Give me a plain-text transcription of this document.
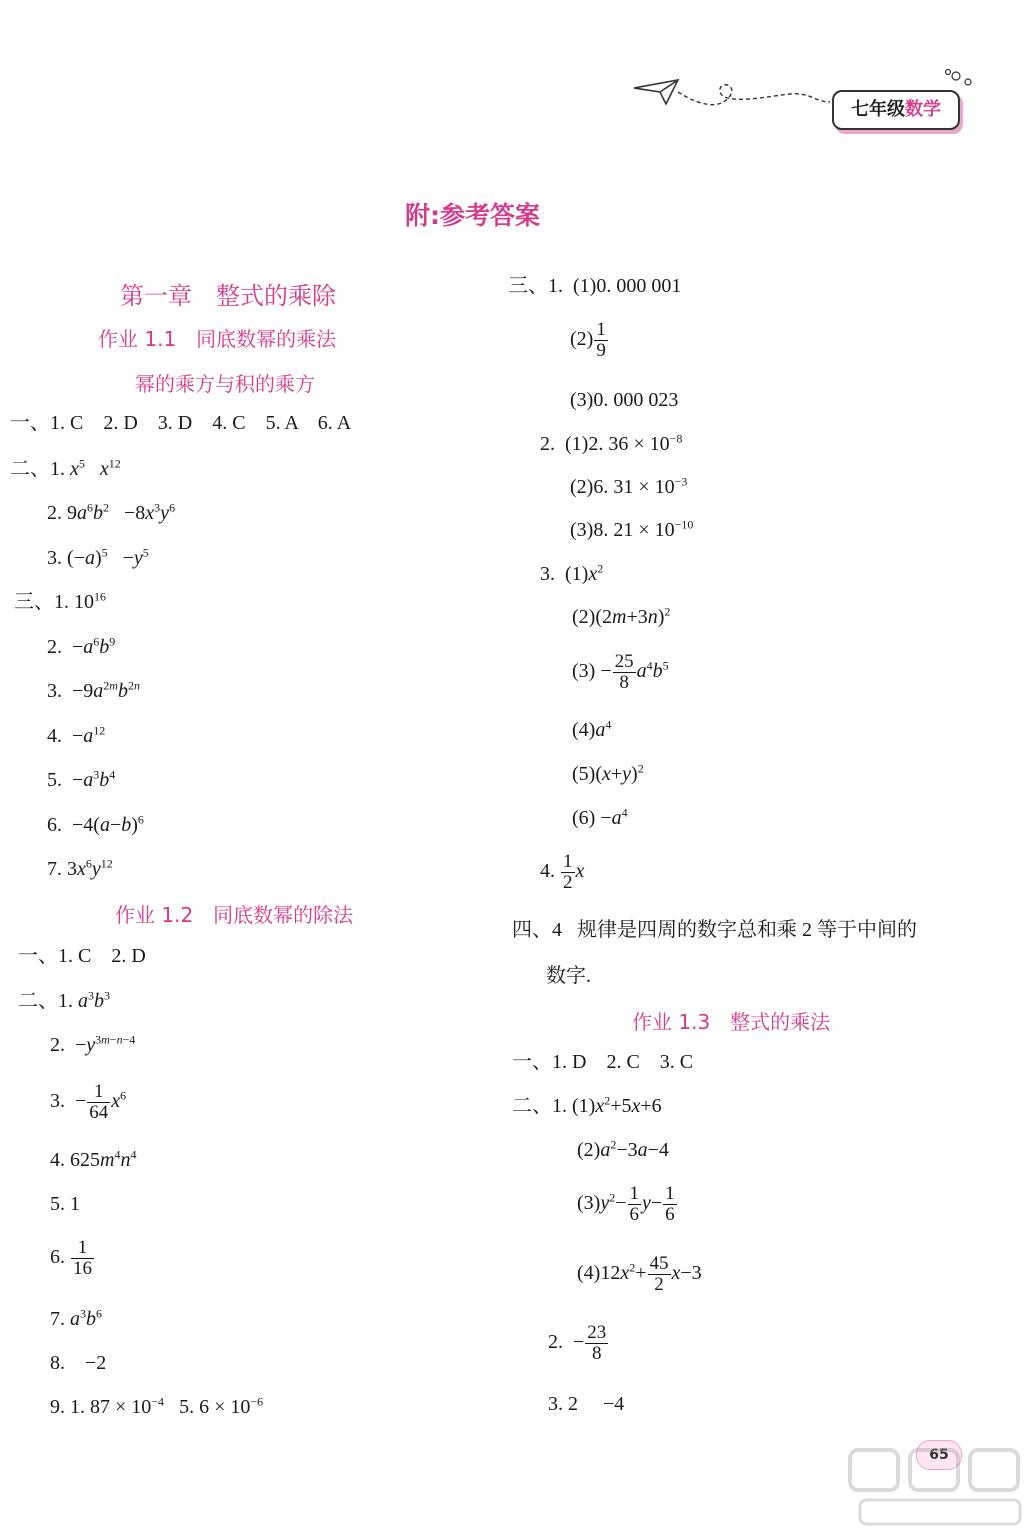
七年级数学
附:参考答案
第一章　整式的乘除
作业 1.1　同底数幂的乘法
幂的乘方与积的乘方
一、1. C　2. D　3. D　4. C　5. A　6. A
二、1. $x^5$ $x^{12}$
2. $9a^6b^2 -8x^3y^6$
3. $(-a)^5 -y^5$
三、1. $10^{16}$
2.  $-a^6b^9$
3.  $-9a^{2m}b^{2n}$
4.  $-a^{12}$
5.  $-a^3b^4$
6.  $-4(a-b)^6$
7. $3x^6y^{12}$
作业 1.2　同底数幂的除法
一、1. C　2. D
二、1. $a^3b^3$
2.  $-y^{3m-n-4}$
3.  − $\frac{1}{64} x^6$
4. $625m^4n^4$
5. 1
6. $\frac{1}{16}$
7. $a^3b^6$
8.　−2
9. 1. $87 \times 10^{-4}$   5. $6 \times 10^{-6}$
三、1. (1)0. 000 001
$(2) \frac{1}{9}$
(3)0. 000 023
2. (1)2. $36 \times 10^{-8}$
(2)6. $31 \times 10^{-3}$
(3)8. $21 \times 10^{-10}$
3.  $(1)x^2$
$(2)(2m+3n)^2$
$(3) - \frac{25}{8} a^4b^5$
$(4)a^4$
$(5)(x+y)^2$
$(6) -a^4$
4. $\frac{1}{2}$ x
四、4 规律是四周的数字总和乘 2 等于中间的
数字.
作业 1.3　整式的乘法
一、1. D　2. C　3. C
二、1. $(1)x^2+5x+6$
$(2)a^2-3a-4$
$(3)y^2- \frac{1}{6} y- \frac{1}{6}$
$(4)12x^2+ \frac{45}{2} x-3$
2.  − $\frac{23}{8}$
3. 2　 −4
65
